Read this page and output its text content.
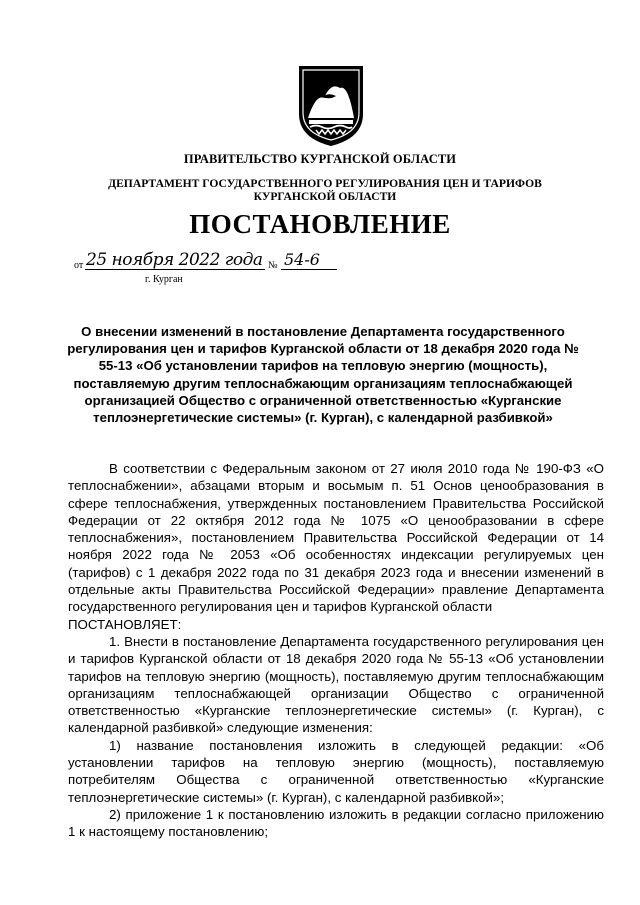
ПРАВИТЕЛЬСТВО КУРГАНСКОЙ ОБЛАСТИ
ДЕПАРТАМЕНТ ГОСУДАРСТВЕННОГО РЕГУЛИРОВАНИЯ ЦЕН И ТАРИФОВ КУРГАНСКОЙ ОБЛАСТИ
ПОСТАНОВЛЕНИЕ
от 25 ноября 2022 года № 54-6
г. Курган
О внесении изменений в постановление Департамента государственного регулирования цен и тарифов Курганской области от 18 декабря 2020 года № 55-13 «Об установлении тарифов на тепловую энергию (мощность), поставляемую другим теплоснабжающим организациям теплоснабжающей организацией Общество с ограниченной ответственностью «Курганские теплоэнергетические системы» (г. Курган), с календарной разбивкой»

В соответствии с Федеральным законом от 27 июля 2010 года № 190-ФЗ «О теплоснабжении», абзацами вторым и восьмым п. 51 Основ ценообразования в сфере теплоснабжения, утвержденных постановлением Правительства Российской Федерации от 22 октября 2012 года № 1075 «О ценообразовании в сфере теплоснабжения», постановлением Правительства Российской Федерации от 14 ноября 2022 года № 2053 «Об особенностях индексации регулируемых цен (тарифов) с 1 декабря 2022 года по 31 декабря 2023 года и внесении изменений в отдельные акты Правительства Российской Федерации» правление Департамента государственного регулирования цен и тарифов Курганской области

ПОСТАНОВЛЯЕТ:

1. Внести в постановление Департамента государственного регулирования цен и тарифов Курганской области от 18 декабря 2020 года № 55-13 «Об установлении тарифов на тепловую энергию (мощность), поставляемую другим теплоснабжающим организациям теплоснабжающей организации Общество с ограниченной ответственностью «Курганские теплоэнергетические системы» (г. Курган), с календарной разбивкой» следующие изменения:

1) название постановления изложить в следующей редакции: «Об установлении тарифов на тепловую энергию (мощность), поставляемую потребителям Общества с ограниченной ответственностью «Курганские теплоэнергетические системы» (г. Курган), с календарной разбивкой»;

2) приложение 1 к постановлению изложить в редакции согласно приложению 1 к настоящему постановлению;
